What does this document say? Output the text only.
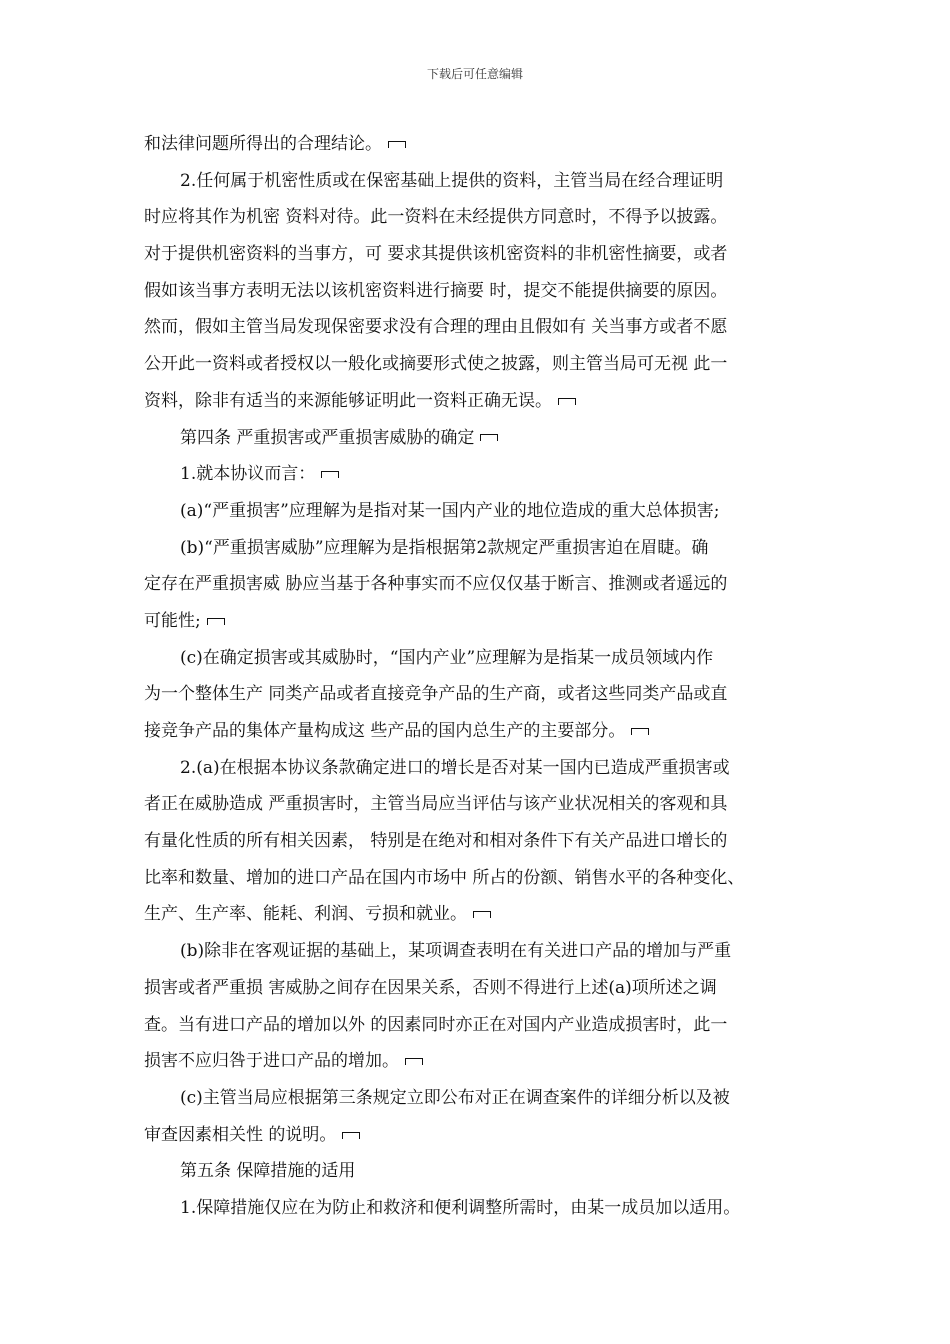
下载后可任意编辑
和法律问题所得出的合理结论。
2.任何属于机密性质或在保密基础上提供的资料，主管当局在经合理证明
时应将其作为机密 资料对待。此一资料在未经提供方同意时，不得予以披露。
对于提供机密资料的当事方，可 要求其提供该机密资料的非机密性摘要，或者
假如该当事方表明无法以该机密资料进行摘要 时，提交不能提供摘要的原因。
然而，假如主管当局发现保密要求没有合理的理由且假如有 关当事方或者不愿
公开此一资料或者授权以一般化或摘要形式使之披露，则主管当局可无视 此一
资料，除非有适当的来源能够证明此一资料正确无误。
第四条 严重损害或严重损害威胁的确定
1.就本协议而言：
(a)“严重损害”应理解为是指对某一国内产业的地位造成的重大总体损害;
(b)“严重损害威胁”应理解为是指根据第2款规定严重损害迫在眉睫。确
定存在严重损害威 胁应当基于各种事实而不应仅仅基于断言、推测或者遥远的
可能性;
(c)在确定损害或其威胁时，“国内产业”应理解为是指某一成员领域内作
为一个整体生产 同类产品或者直接竞争产品的生产商，或者这些同类产品或直
接竞争产品的集体产量构成这 些产品的国内总生产的主要部分。
2.(a)在根据本协议条款确定进口的增长是否对某一国内已造成严重损害或
者正在威胁造成 严重损害时，主管当局应当评估与该产业状况相关的客观和具
有量化性质的所有相关因素， 特别是在绝对和相对条件下有关产品进口增长的
比率和数量、增加的进口产品在国内市场中 所占的份额、销售水平的各种变化、
生产、生产率、能耗、利润、亏损和就业。
(b)除非在客观证据的基础上，某项调查表明在有关进口产品的增加与严重
损害或者严重损 害威胁之间存在因果关系，否则不得进行上述(a)项所述之调
查。当有进口产品的增加以外 的因素同时亦正在对国内产业造成损害时，此一
损害不应归咎于进口产品的增加。
(c)主管当局应根据第三条规定立即公布对正在调查案件的详细分析以及被
审查因素相关性 的说明。
第五条 保障措施的适用
1.保障措施仅应在为防止和救济和便利调整所需时，由某一成员加以适用。
